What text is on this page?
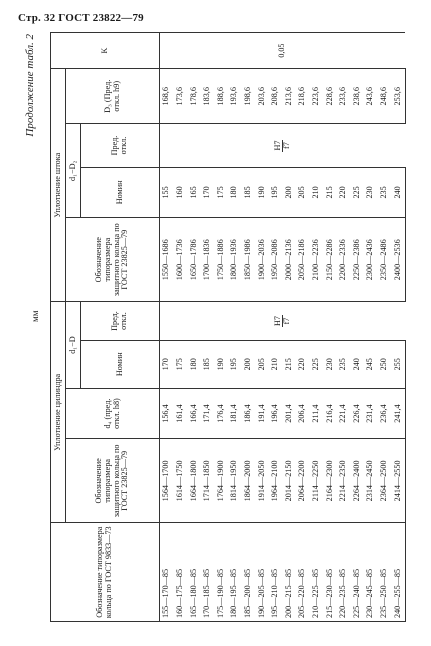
Стр. 32 ГОСТ 23822—79
Продолжение табл. 2
мм
Обозначение типоразмера кольца по ГОСТ 9833—73	Уплотнение цилиндра				Уплотнение штока				K
	Обозначение типоразмера защитного кольца по ГОСТ 23825—79	d₄ (пред. откл. h8)	d₁−D		Обозначение типоразмера защитного кольца по ГОСТ 23825—79	d₁−D₂		D₃ (Пред. откл. h9)	
			Номин	Пред. откл.		Номин	Пред. откл.		
155—170—85	1564—1700	156,4	170	H7 f7	1550—1686	155	H7 f7	168,6	0,05
160—175—85	1614—1750	161,4	175		1600—1736	160		173,6	
165—180—85	1664—1800	166,4	180		1650—1786	165		178,6	
170—185—85	1714—1850	171,4	185		1700—1836	170		183,6	
175—190—85	1764—1900	176,4	190		1750—1886	175		188,6	
180—195—85	1814—1950	181,4	195		1800—1936	180		193,6	
185—200—85	1864—2000	186,4	200		1850—1986	185		198,6	
190—205—85	1914—2050	191,4	205		1900—2036	190		203,6	
195—210—85	1964—2100	196,4	210		1950—2086	195		208,6	
200—215—85	2014—2150	201,4	215		2000—2136	200		213,6	
205—220—85	2064—2200	206,4	220		2050—2186	205		218,6	
210—225—85	2114—2250	211,4	225		2100—2236	210		223,6	
215—230—85	2164—2300	216,4	230		2150—2286	215		228,6	
220—235—85	2214—2350	221,4	235		2200—2336	220		233,6	
225—240—85	2264—2400	226,4	240		2250—2386	225		238,6	
230—245—85	2314—2450	231,4	245		2300—2436	230		243,6	
235—250—85	2364—2500	236,4	250		2350—2486	235		248,6	
240—255—85	2414—2550	241,4	255		2400—2536	240		253,6	
